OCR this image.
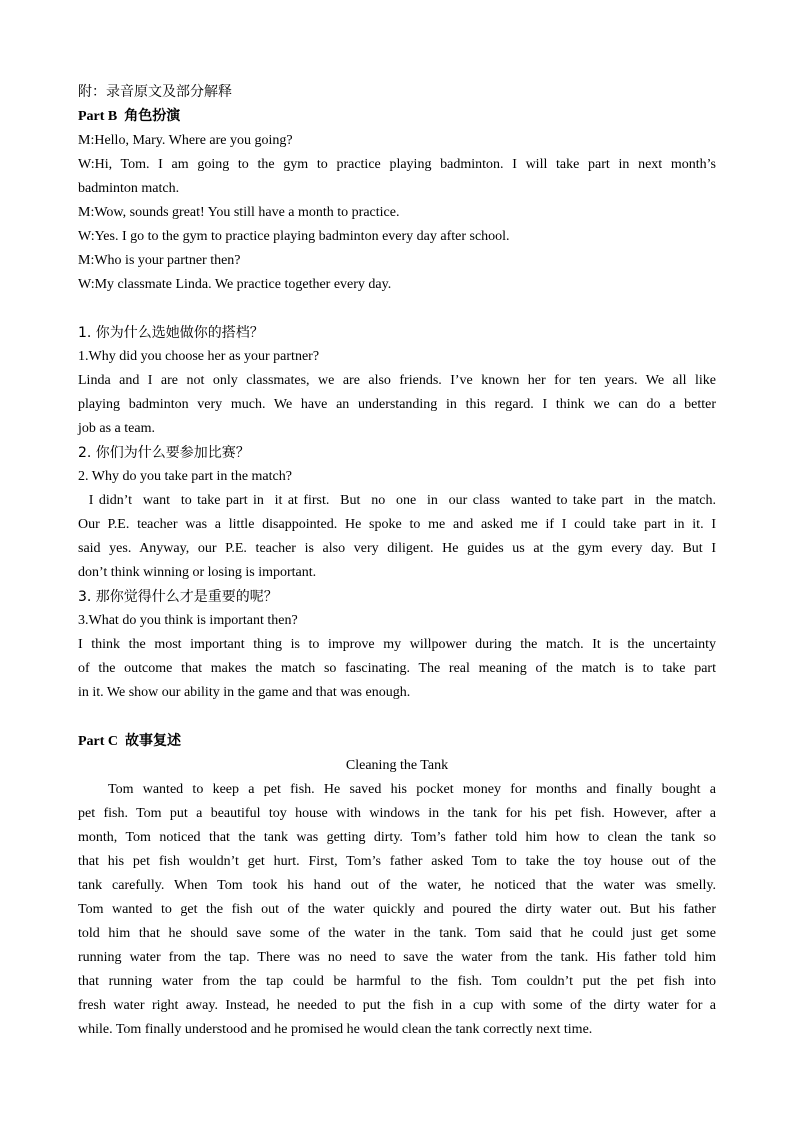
附：录音原文及部分解释
Part B 角色扮演
M:Hello, Mary. Where are you going?
W:Hi, Tom. I am going to the gym to practice playing badminton. I will take part in next month’s
badminton match.
M:Wow, sounds great! You still have a month to practice.
W:Yes. I go to the gym to practice playing badminton every day after school.
M:Who is your partner then?
W:My classmate Linda. We practice together every day.
1. 你为什么选她做你的搭档？
1.Why did you choose her as your partner?
Linda and I are not only classmates, we are also friends. I’ve known her for ten years. We all like
playing badminton very much. We have an understanding in this regard. I think we can do a better
job as a team.
2. 你们为什么要参加比赛？
2. Why do you take part in the match?
I didn’t  want  to take part in  it at first.  But  no  one  in  our class  wanted to take part  in  the match.
Our P.E. teacher was a little disappointed. He spoke to me and asked me if I could take part in it. I
said yes. Anyway, our P.E. teacher is also very diligent. He guides us at the gym every day. But I
don’t think winning or losing is important.
3. 那你觉得什么才是重要的呢？
3.What do you think is important then?
I think the most important thing is to improve my willpower during the match. It is the uncertainty
of the outcome that makes the match so fascinating. The real meaning of the match is to take part
in it. We show our ability in the game and that was enough.
Part C 故事复述
Cleaning the Tank
Tom wanted to keep a pet fish. He saved his pocket money for months and finally bought a
pet fish. Tom put a beautiful toy house with windows in the tank for his pet fish. However, after a
month, Tom noticed that the tank was getting dirty. Tom’s father told him how to clean the tank so
that his pet fish wouldn’t get hurt. First, Tom’s father asked Tom to take the toy house out of the
tank carefully. When Tom took his hand out of the water, he noticed that the water was smelly.
Tom wanted to get the fish out of the water quickly and poured the dirty water out. But his father
told him that he should save some of the water in the tank. Tom said that he could just get some
running water from the tap. There was no need to save the water from the tank. His father told him
that running water from the tap could be harmful to the fish. Tom couldn’t put the pet fish into
fresh water right away. Instead, he needed to put the fish in a cup with some of the dirty water for a
while. Tom finally understood and he promised he would clean the tank correctly next time.
